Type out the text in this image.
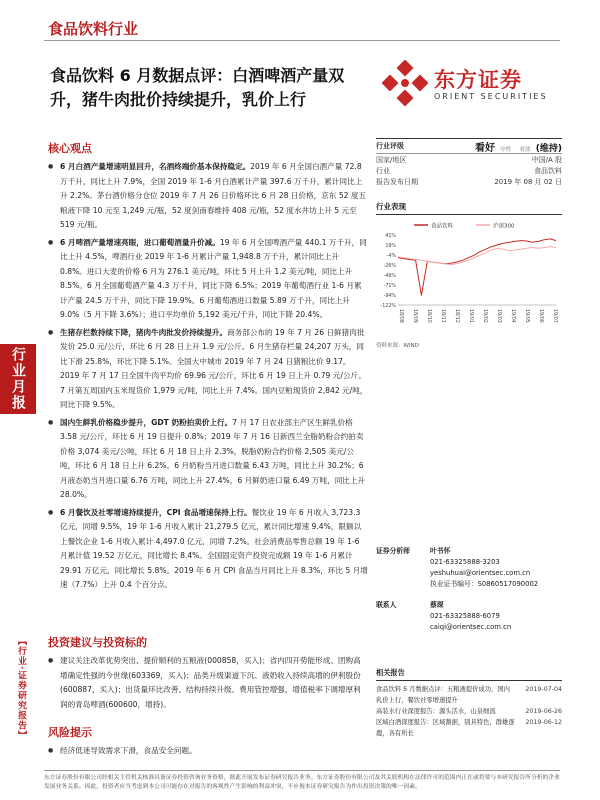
食品饮料行业
食品饮料 6 月数据点评：白酒啤酒产量双升，猪牛肉批价持续提升，乳价上行
东方证券
ORIENT SECURITIES
行业月报
【行业·证券研究报告】
核心观点
● 6 月白酒产量增速明显回升，名酒终端价基本保持稳定。2019 年 6 月全国白酒产量 72.8 万千升，同比上升 7.9%，全国 2019 年 1-6 月白酒累计产量 397.6 万千升，累计同比上升 2.2%。茅台酒价格分仓位 2019 年 7 月 26 日价格环比 6 月 28 日价格，京东 52 度五粮液下降 10 元至 1,249 元/瓶，52 度剑南春维持 408 元/瓶，52 度水井坊上升 5 元至 519 元/瓶。
● 6 月啤酒产量增速亮眼，进口葡萄酒量升价减。19 年 6 月全国啤酒产量 440.1 万千升，同比上升 4.5%，啤酒行业 2019 年 1-6 月累计产量 1,948.8 万千升，累计同比上升 0.8%。进口大麦的价格 6 月为 276.1 美元/吨，环比 5 月上升 1.2 美元/吨，同比上升 8.5%。6 月全国葡萄酒产量 4.3 万千升，同比下降 6.5%；2019 年葡萄酒行业 1-6 月累计产量 24.5 万千升，同比下降 19.9%。6 月葡萄酒进口数量 5.89 万千升，同比上升 9.0%（5 月下降 3.6%）；进口平均单价 5,192 美元/千升，同比下降 20.4%。
● 生猪存栏数持续下降，猪肉牛肉批发价持续提升。商务部公布的 19 年 7 月 26 日鲜猪肉批发价 25.0 元/公斤，环比 6 月 28 日上升 1.9 元/公斤。6 月生猪存栏量 24,207 万头，同比下滑 25.8%，环比下降 5.1%。全国大中城市 2019 年 7 月 24 日猪粮比价 9.17。2019 年 7 月 17 日全国牛肉平均价 69.96 元/公斤，环比 6 月 19 日上升 0.79 元/公斤。7 月第五周国内玉米现货价 1,979 元/吨，同比上升 7.4%。国内豆粕现货价 2,842 元/吨，同比下降 9.5%。
● 国内生鲜乳价格稳步提升，GDT 奶粉拍卖价上行。7 月 17 日农业部主产区生鲜乳价格 3.58 元/公斤，环比 6 月 19 日提升 0.8%；2019 年 7 月 16 日新西兰全脂奶粉合约拍卖价格 3,074 美元/公吨，环比 6 月 18 日上升 2.3%，脱脂奶粉合约价格 2,505 美元/公吨，环比 6 月 18 日上升 6.2%。6 月奶粉当月进口数量 6.43 万吨，同比上升 30.2%；6 月液态奶当月进口量 6.76 万吨，同比上升 27.4%，6 月鲜奶进口量 6.49 万吨，同比上升 28.0%。
● 6 月餐饮及社零增速持续提升，CPI 食品增速保持上行。餐饮业 19 年 6 月收入 3,723.3 亿元，同增 9.5%，19 年 1-6 月收入累计 21,279.5 亿元，累计同比增速 9.4%，限额以上餐饮企业 1-6 月收入累计 4,497.0 亿元，同增 7.2%。社会消费品零售总额 19 年 1-6 月累计值 19.52 万亿元，同比增长 8.4%。全国固定资产投资完成额 19 年 1-6 月累计 29.91 万亿元，同比增长 5.8%。2019 年 6 月 CPI 食品当月同比上升 8.3%，环比 5 月增速（7.7%）上升 0.4 个百分点。
投资建议与投资标的
● 建议关注改革优势突出、提价顺利的五粮液(000858，买入)；省内四开势能形成、团购高增确定性强的今世缘(603369，买入)；品类升级渠道下沉、液奶收入持续高增的伊利股份(600887，买入)；出货量环比改善、结构持续升级、费用管控增强、增值税率下调增厚利润的青岛啤酒(600600，增持)。
风险提示
● 经济低迷导致需求下滑，食品安全问题。
行业评级	看好 中性 看淡 (维持)
国家/地区	中国/A 股
行业	食品饮料
报告发布日期	2019 年 08 月 02 日
行业表现
食品饮料	沪深300
41%
19%
-4%
-26%
-49%
-71%
-94%
-122%
18/08 18/09 18/10 18/11 18/12 19/01 19/02 19/03 19/04 19/05 19/06 19/07
资料来源：WIND
证券分析师	叶书怀
021-63325888-3203
yeshuhuai@orientsec.com.cn
执业证书编号：S0860517090002
联系人	蔡琛
021-63325888-6079
caiqi@orientsec.com.cn
相关报告
食品饮料 5 月数据点评：五粮液提价成功，国内乳价上行，餐饮社零增速提升
2019-07-04
高装水行业深度报告：源头活水，山泉细流	2019-06-26
区域白酒深度报告：区域割据，别具特色，群雄逐鹿，各有所长
2019-06-12
东方证券股份有限公司经相关主管机关核准具备证券投资咨询业务资格，据此开展发布证券研究报告业务。东方证券股份有限公司及其关联机构在法律许可的范围内正在或将要与本研究报告所分析的企业发展业务关系。因此，投资者应当考虑到本公司可能存在对报告的客观性产生影响的利益冲突，不应视本证券研究报告为作出投资决策的唯一因素。
